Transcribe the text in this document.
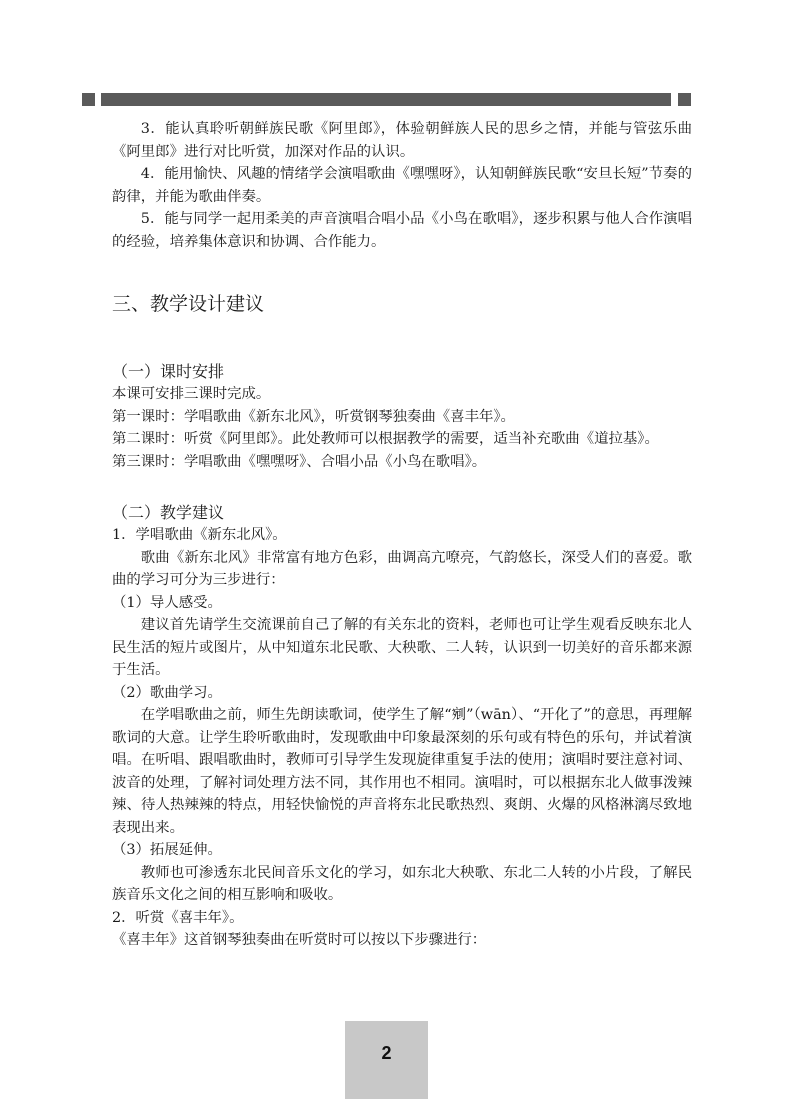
3．能认真聆听朝鲜族民歌《阿里郎》，体验朝鲜族人民的思乡之情，并能与管弦乐曲《阿里郎》进行对比听赏，加深对作品的认识。

4．能用愉快、风趣的情绪学会演唱歌曲《嘿嘿呀》，认知朝鲜族民歌“安旦长短”节奏的韵律，并能为歌曲伴奏。

5．能与同学一起用柔美的声音演唱合唱小品《小鸟在歌唱》，逐步积累与他人合作演唱的经验，培养集体意识和协调、合作能力。

三、教学设计建议
（一）课时安排

本课可安排三课时完成。

第一课时：学唱歌曲《新东北风》，听赏钢琴独奏曲《喜丰年》。

第二课时：听赏《阿里郎》。此处教师可以根据教学的需要，适当补充歌曲《道拉基》。

第三课时：学唱歌曲《嘿嘿呀》、合唱小品《小鸟在歌唱》。

（二）教学建议

1．学唱歌曲《新东北风》。

歌曲《新东北风》非常富有地方色彩，曲调高亢嘹亮，气韵悠长，深受人们的喜爱。歌曲的学习可分为三步进行：

（1）导人感受。

建议首先请学生交流课前自己了解的有关东北的资料，老师也可让学生观看反映东北人民生活的短片或图片，从中知道东北民歌、大秧歌、二人转，认识到一切美好的音乐都来源于生活。

（2）歌曲学习。

在学唱歌曲之前，师生先朗读歌词，使学生了解“剜”（wān）、“开化了”的意思，再理解歌词的大意。让学生聆听歌曲时，发现歌曲中印象最深刻的乐句或有特色的乐句，并试着演唱。在听唱、跟唱歌曲时，教师可引导学生发现旋律重复手法的使用；演唱时要注意衬词、波音的处理，了解衬词处理方法不同，其作用也不相同。演唱时，可以根据东北人做事泼辣辣、待人热辣辣的特点，用轻快愉悦的声音将东北民歌热烈、爽朗、火爆的风格淋漓尽致地表现出来。

（3）拓展延伸。

教师也可渗透东北民间音乐文化的学习，如东北大秧歌、东北二人转的小片段，了解民族音乐文化之间的相互影响和吸收。

2．听赏《喜丰年》。

《喜丰年》这首钢琴独奏曲在听赏时可以按以下步骤进行：

2
